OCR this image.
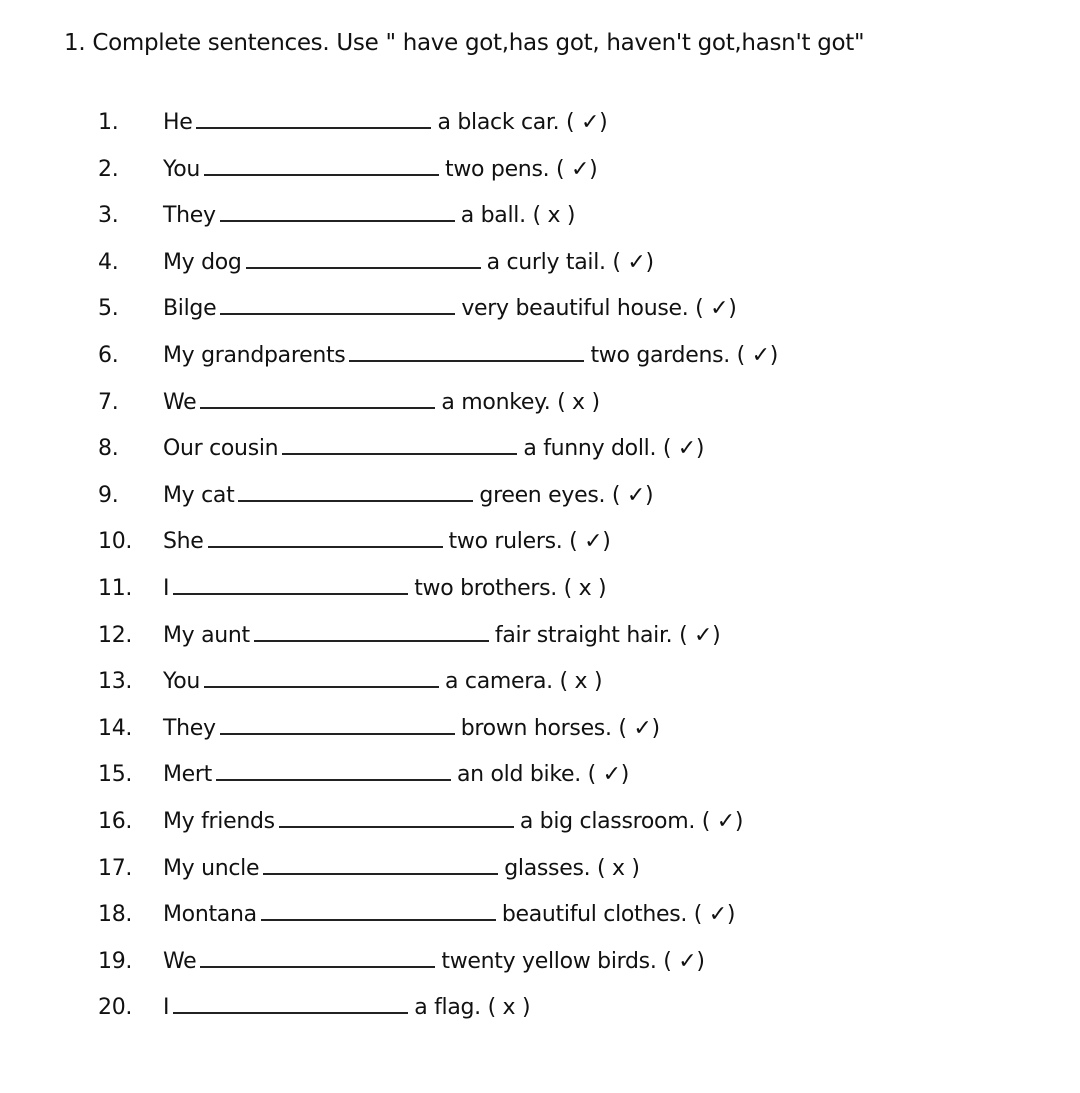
1. Complete sentences. Use " have got,has got, haven't got,hasn't got"
1.	He	a black car. ( ✓)
2.	You	two pens. ( ✓)
3.	They	a ball. ( x )
4.	My dog	a curly tail. ( ✓)
5.	Bilge	very beautiful house. ( ✓)
6.	My grandparents	two gardens. ( ✓)
7.	We	a monkey. ( x )
8.	Our cousin	a funny doll. ( ✓)
9.	My cat	green eyes. ( ✓)
10.	She	two rulers. ( ✓)
11.	I	two brothers. ( x )
12.	My aunt	fair straight hair. ( ✓)
13.	You	a camera. ( x )
14.	They	brown horses. ( ✓)
15.	Mert	an old bike. ( ✓)
16.	My friends	a big classroom. ( ✓)
17.	My uncle	glasses. ( x )
18.	Montana	beautiful clothes. ( ✓)
19.	We	twenty yellow birds. ( ✓)
20.	I	a flag. ( x )
